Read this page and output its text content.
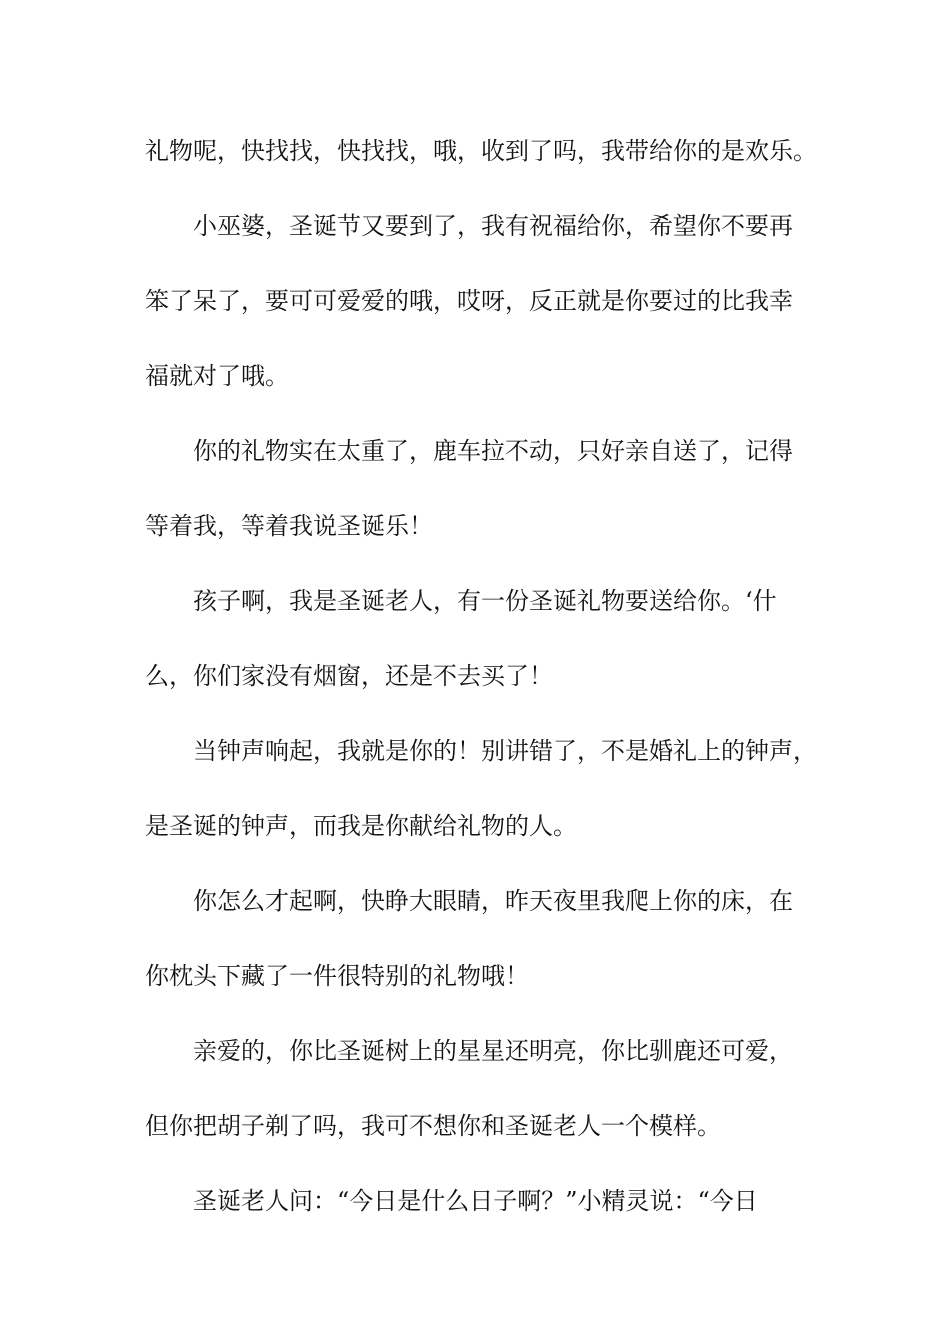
礼物呢，快找找，快找找，哦，收到了吗，我带给你的是欢乐。
小巫婆，圣诞节又要到了，我有祝福给你，希望你不要再
笨了呆了，要可可爱爱的哦，哎呀，反正就是你要过的比我幸
福就对了哦。
你的礼物实在太重了，鹿车拉不动，只好亲自送了，记得
等着我，等着我说圣诞乐！
孩子啊，我是圣诞老人，有一份圣诞礼物要送给你。‘什
么，你们家没有烟窗，还是不去买了！
当钟声响起，我就是你的！别讲错了，不是婚礼上的钟声，
是圣诞的钟声，而我是你献给礼物的人。
你怎么才起啊，快睁大眼睛，昨天夜里我爬上你的床，在
你枕头下藏了一件很特别的礼物哦！
亲爱的，你比圣诞树上的星星还明亮，你比驯鹿还可爱，
但你把胡子剃了吗，我可不想你和圣诞老人一个模样。
圣诞老人问：“今日是什么日子啊？”小精灵说：“今日
